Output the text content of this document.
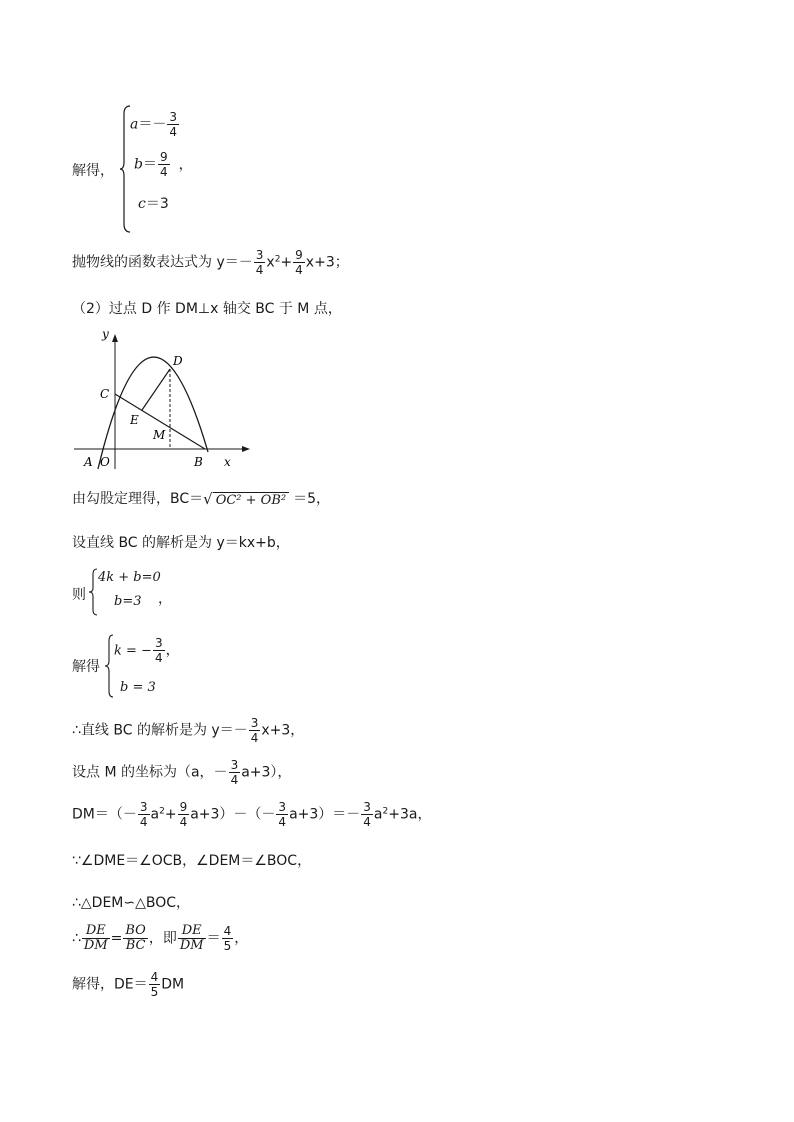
解得，
$a=- \frac{3}{4}$
$b= \frac{9}{4}$ ，
c＝3
抛物线的函数表达式为 $y=- \frac{3}{4} x^2+ \frac{9}{4} x+3$；
（2）过点 D 作 DM⊥x 轴交 BC 于 M 点，
y
x
C
D
E
M
A O	B
由勾股定理得，BC＝√ OC² + OB² ＝5，
设直线 BC 的解析是为 y＝kx+b，
则
4k + b=0
b=3 ，
解得
k = − $\frac{3}{4}$ ，
b = 3
∴直线 BC 的解析是为 $y=- \frac{3}{4} x+3$，
设点 M 的坐标为（a，－ $\frac{3}{4} a+3$），
$DM=(- \frac{3}{4} a^2+ \frac{9}{4} a+3)-(- \frac{3}{4} a+3)=- \frac{3}{4} a^2+3a$，
∵∠DME＝∠OCB，∠DEM＝∠BOC，
∴△DEM∽△BOC，
∴ $\frac{DE}{DM} = \frac{BO}{BC}$ ，即 $\frac{DE}{DM} = \frac{4}{5}$ ，
解得，$DE= \frac{4}{5}$ DM
